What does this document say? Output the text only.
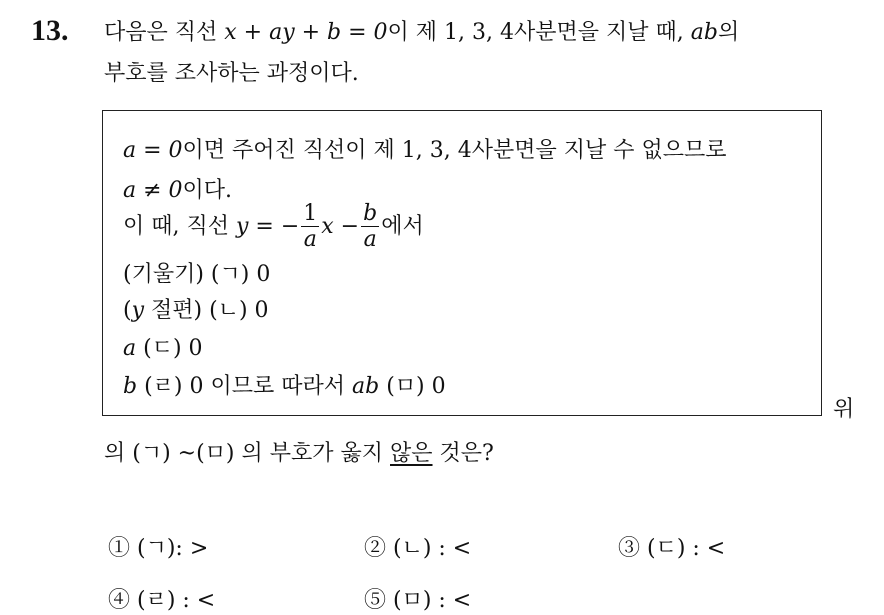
13. 다음은 직선 x + ay + b = 0이 제 1, 3, 4사분면을 지날 때, ab의
부호를 조사하는 과정이다.
a = 0이면 주어진 직선이 제 1, 3, 4사분면을 지날 수 없으므로
a ≠ 0이다.
이 때, 직선 y = − $\frac{1}{a}$ $x - \frac{b}{a}$ 에서
(기울기) (ㄱ) 0
(y 절편) (ㄴ) 0
a (ㄷ) 0
b (ㄹ) 0 이므로 따라서 ab (ㅁ) 0
위
의 (ㄱ) ~(ㅁ) 의 부호가 옳지 않은 것은?
① (ㄱ): >	② (ㄴ) : <	③ (ㄷ) : <
④ (ㄹ) : <	⑤ (ㅁ) : <
